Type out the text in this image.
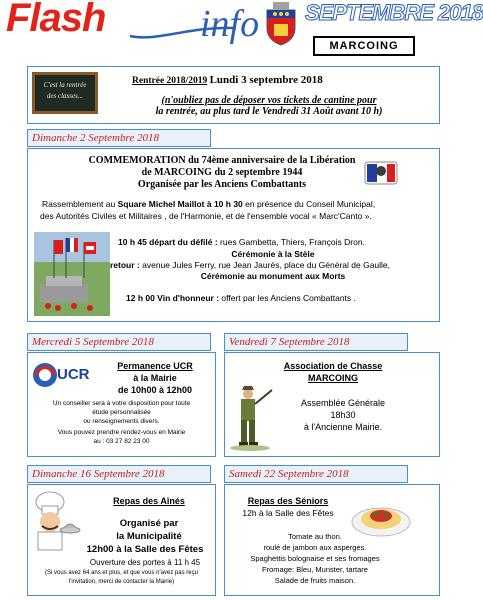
Flash info SEPTEMBRE 2018
MARCOING
C'est la rentrée
des classes...
Rentrée 2018/2019 Lundi 3 septembre 2018
(n'oubliez pas de déposer vos tickets de cantine pour
la rentrée, au plus tard le Vendredi 31 Août avant 10 h)
Dimanche 2 Septembre 2018
COMMEMORATION du 74ème anniversaire de la Libération
de MARCOING du 2 septembre 1944
Organisée par les Anciens Combattants
Rassemblement au Square Michel Maillot à 10 h 30 en présence du Conseil Municipal,
des Autorités Civiles et Militaires , de l'Harmonie, et de l'ensemble vocal « Marc'Canto ».
10 h 45 départ du défilé : rues Gambetta, Thiers, François Dron.
Cérémonie à la Stèle
retour : avenue Jules Ferry, rue Jean Jaurès, place du Général de Gaulle,
Cérémonie au monument aux Morts
12 h 00 Vin d'honneur : offert par les Anciens Combattants .
Mercredi 5 Septembre 2018
UCR	Permanence UCR
à la Mairie
de 10h00 à 12h00
Un conseiller sera à votre disposition pour toute
étude personnalisée
ou renseignements divers.
Vous pouvez prendre rendez-vous en Mairie
au : 03 27 82 23 00
Vendredi 7 Septembre 2018
Association de Chasse
MARCOING
Assemblée Générale
18h30
à l'Ancienne Mairie.
Dimanche 16 Septembre 2018
Repas des Aînés
Organisé par
la Municipalité
12h00 à la Salle des Fêtes
Ouverture des portes à 11 h 45
(Si vous avez 64 ans et plus, et que vous n'avez pas reçu
l'invitation, merci de contacter la Mairie)
Samedi 22 Septembre 2018
Repas des Séniors
12h à la Salle des Fêtes
Tomate au thon.
roulé de jambon aux asperges.
Spaghettis bolognaise et ses fromages
Fromage: Bleu, Munster, tartare
Salade de fruits maison.
